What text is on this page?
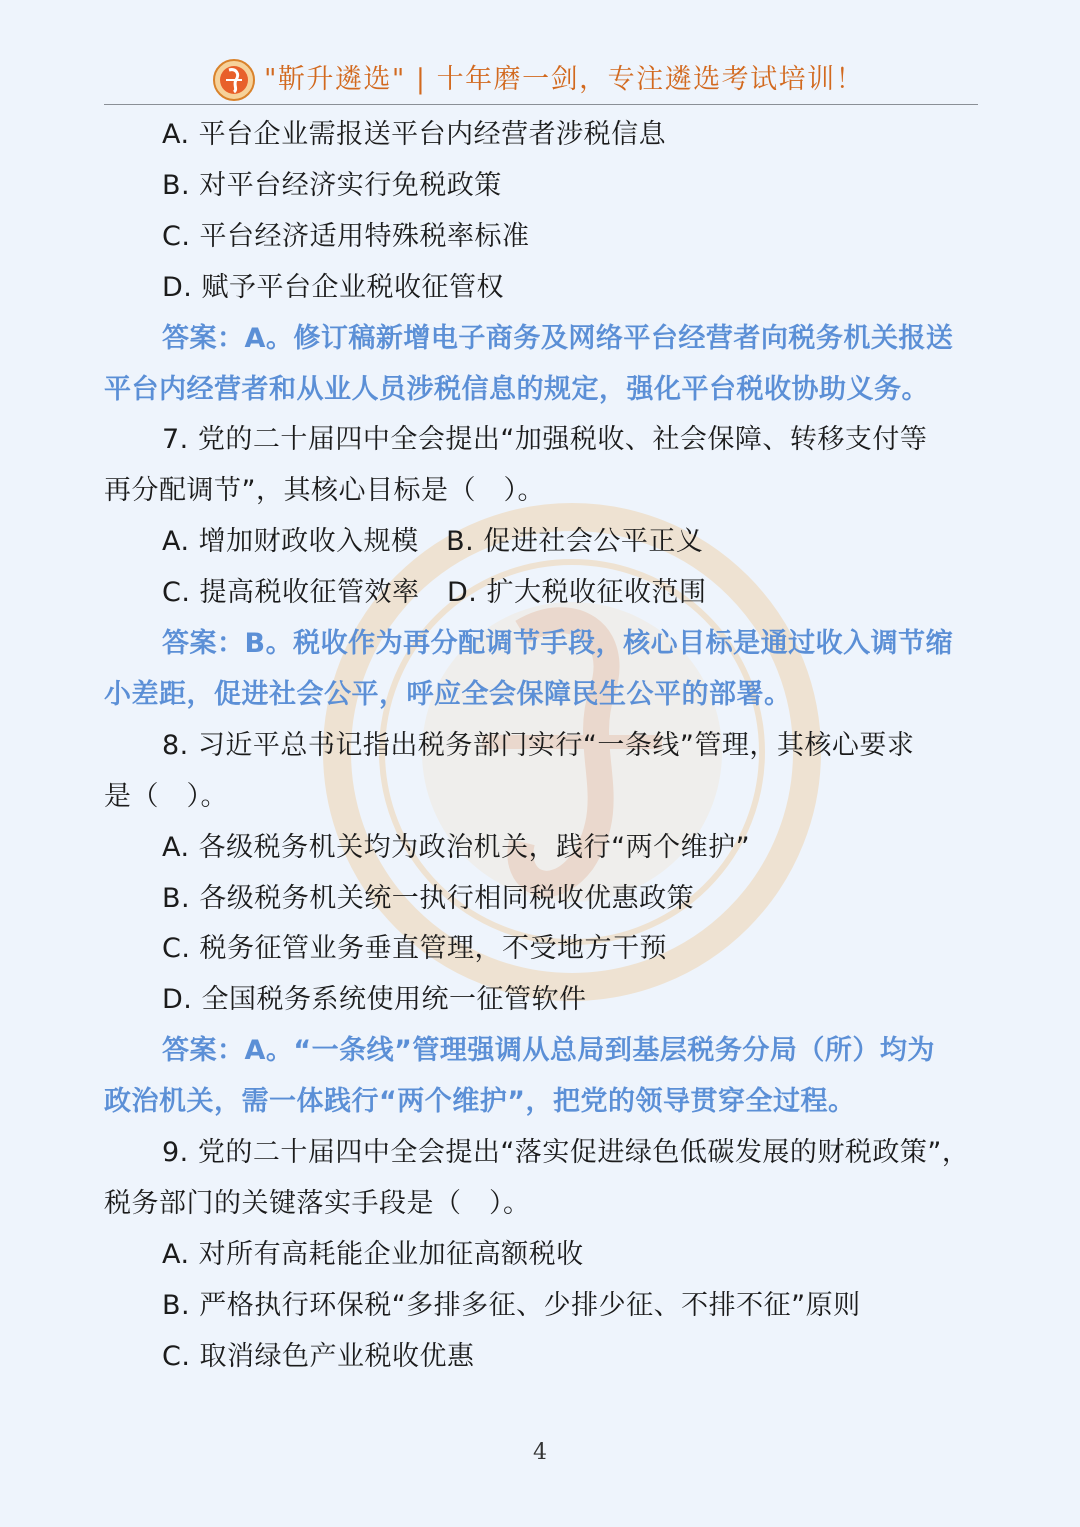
"靳升遴选" | 十年磨一剑，专注遴选考试培训！
A. 平台企业需报送平台内经营者涉税信息
B. 对平台经济实行免税政策
C. 平台经济适用特殊税率标准
D. 赋予平台企业税收征管权
答案：A。修订稿新增电子商务及网络平台经营者向税务机关报送
平台内经营者和从业人员涉税信息的规定，强化平台税收协助义务。
7. 党的二十届四中全会提出“加强税收、社会保障、转移支付等
再分配调节”，其核心目标是（　）。
A. 增加财政收入规模　B. 促进社会公平正义
C. 提高税收征管效率　D. 扩大税收征收范围
答案：B。税收作为再分配调节手段，核心目标是通过收入调节缩
小差距，促进社会公平，呼应全会保障民生公平的部署。
8. 习近平总书记指出税务部门实行“一条线”管理，其核心要求
是（　）。
A. 各级税务机关均为政治机关，践行“两个维护”
B. 各级税务机关统一执行相同税收优惠政策
C. 税务征管业务垂直管理，不受地方干预
D. 全国税务系统使用统一征管软件
答案：A。“一条线”管理强调从总局到基层税务分局（所）均为
政治机关，需一体践行“两个维护”，把党的领导贯穿全过程。
9. 党的二十届四中全会提出“落实促进绿色低碳发展的财税政策”，
税务部门的关键落实手段是（　）。
A. 对所有高耗能企业加征高额税收
B. 严格执行环保税“多排多征、少排少征、不排不征”原则
C. 取消绿色产业税收优惠
4
